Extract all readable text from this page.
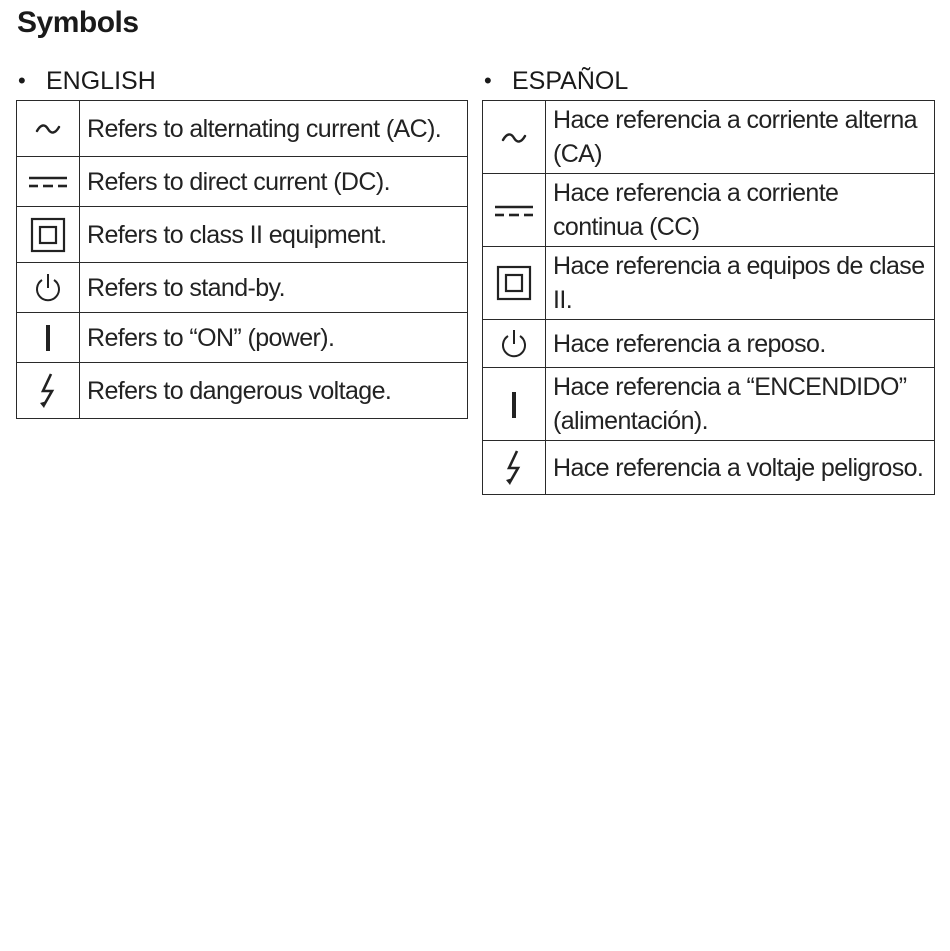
Symbols
• ENGLISH
	Refers to alternating current (AC).

	Refers to direct current (DC).

	Refers to class II equipment.

	Refers to stand-by.

	Refers to “ON” (power).

	Refers to dangerous voltage.
• ESPAÑOL
	Hace referencia a corriente alterna (CA)

	Hace referencia a corriente continua (CC)

	Hace referencia a equipos de clase II.

	Hace referencia a reposo.

	Hace referencia a “ENCENDIDO” (alimentación).

	Hace referencia a voltaje peligroso.
